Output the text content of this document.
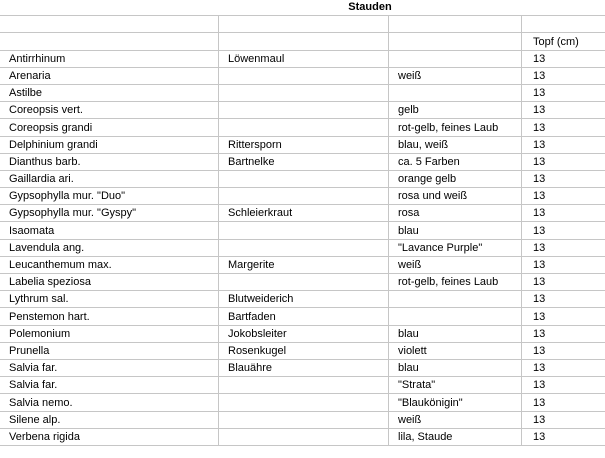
	Stauden		

			Topf (cm)
Antirrhinum	Löwenmaul		13
Arenaria		weiß	13
Astilbe			13
Coreopsis vert.		gelb	13
Coreopsis grandi		rot-gelb, feines Laub	13
Delphinium grandi	Rittersporn	blau, weiß	13
Dianthus barb.	Bartnelke	ca. 5 Farben	13
Gaillardia ari.		orange gelb	13
Gypsophylla mur. "Duo"		rosa und weiß	13
Gypsophylla mur. "Gyspy"	Schleierkraut	rosa	13
Isaomata		blau	13
Lavendula ang.		"Lavance Purple"	13
Leucanthemum max.	Margerite	weiß	13
Labelia speziosa		rot-gelb, feines Laub	13
Lythrum sal.	Blutweiderich		13
Penstemon hart.	Bartfaden		13
Polemonium	Jokobsleiter	blau	13
Prunella	Rosenkugel	violett	13
Salvia far.	Blauähre	blau	13
Salvia far.		"Strata"	13
Salvia nemo.		"Blaukönigin"	13
Silene alp.		weiß	13
Verbena rigida		lila, Staude	13
